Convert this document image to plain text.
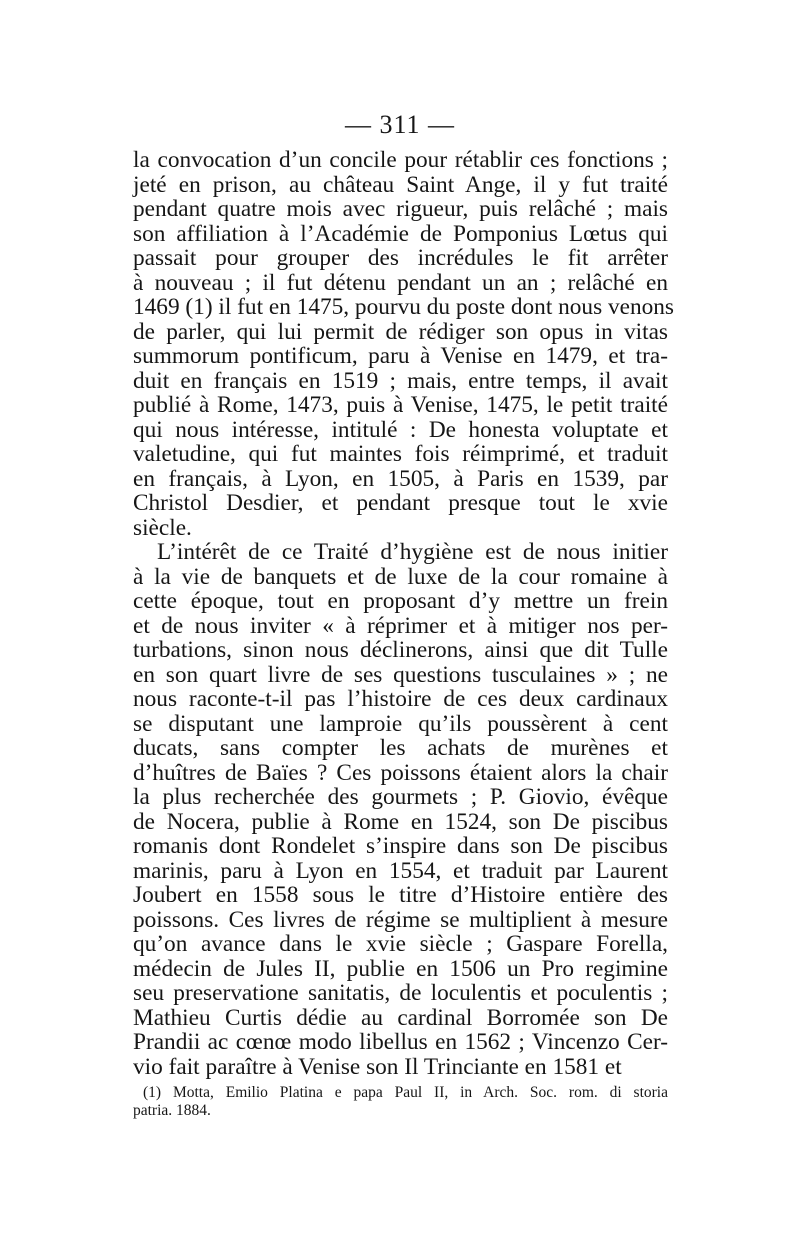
— 311 —
la convocation d’un concile pour rétablir ces fonctions ;
jeté en prison, au château Saint Ange, il y fut traité
pendant quatre mois avec rigueur, puis relâché ; mais
son affiliation à l’Académie de Pomponius Lœtus qui
passait pour grouper des incrédules le fit arrêter
à nouveau ; il fut détenu pendant un an ; relâché en
1469 (1) il fut en 1475, pourvu du poste dont nous venons
de parler, qui lui permit de rédiger son opus in vitas
summorum pontificum, paru à Venise en 1479, et tra-
duit en français en 1519 ; mais, entre temps, il avait
publié à Rome, 1473, puis à Venise, 1475, le petit traité
qui nous intéresse, intitulé : De honesta voluptate et
valetudine, qui fut maintes fois réimprimé, et traduit
en français, à Lyon, en 1505, à Paris en 1539, par
Christol Desdier, et pendant presque tout le xvie
siècle.
L’intérêt de ce Traité d’hygiène est de nous initier
à la vie de banquets et de luxe de la cour romaine à
cette époque, tout en proposant d’y mettre un frein
et de nous inviter « à réprimer et à mitiger nos per-
turbations, sinon nous déclinerons, ainsi que dit Tulle
en son quart livre de ses questions tusculaines » ; ne
nous raconte-t-il pas l’histoire de ces deux cardinaux
se disputant une lamproie qu’ils poussèrent à cent
ducats, sans compter les achats de murènes et
d’huîtres de Baïes ? Ces poissons étaient alors la chair
la plus recherchée des gourmets ; P. Giovio, évêque
de Nocera, publie à Rome en 1524, son De piscibus
romanis dont Rondelet s’inspire dans son De piscibus
marinis, paru à Lyon en 1554, et traduit par Laurent
Joubert en 1558 sous le titre d’Histoire entière des
poissons. Ces livres de régime se multiplient à mesure
qu’on avance dans le xvie siècle ; Gaspare Forella,
médecin de Jules II, publie en 1506 un Pro regimine
seu preservatione sanitatis, de loculentis et poculentis ;
Mathieu Curtis dédie au cardinal Borromée son De
Prandii ac cœnœ modo libellus en 1562 ; Vincenzo Cer-
vio fait paraître à Venise son Il Trinciante en 1581 et
(1) Motta, Emilio Platina e papa Paul II, in Arch. Soc. rom. di storia
patria. 1884.
